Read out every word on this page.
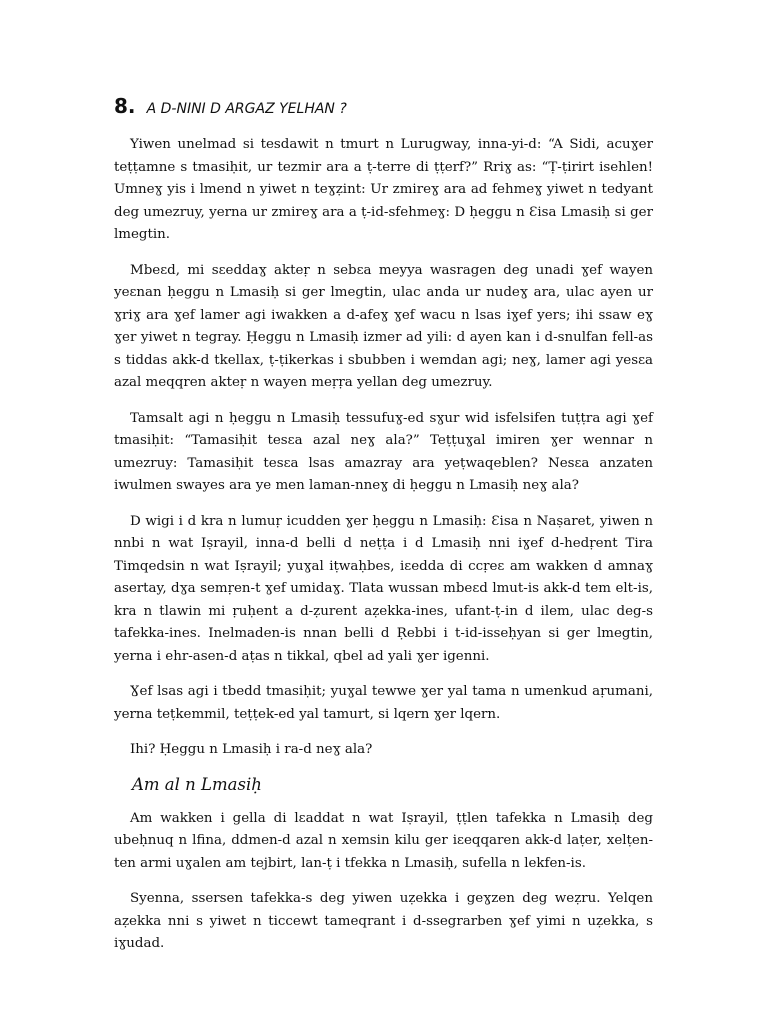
8. A D-NINI D ARGAZ YELHAN ?

Yiwen unelmad si tesdawit n tmurt n Lurugway, inna-yi-d: “A Sidi, acuɣer teṭṭamne s tmasiḥit, ur tezmir ara a ṭ-terre di ṭṭerf?” Rriɣ as: “Ṭ-ṭirirt isehlen! Umneɣ yis i lmend n yiwet n teɣẓint: Ur zmireɣ ara ad fehmeɣ yiwet n tedyant deg umezruy, yerna ur zmireɣ ara a ṭ-id-sfehmeɣ: D ḥeggu n Ɛisa Lmasiḥ si ger lmegtin.

Mbeɛd, mi sɛeddaɣ akteṛ n sebɛa meyya wasragen deg unadi ɣef wayen yeɛnan ḥeggu n Lmasiḥ si ger lmegtin, ulac anda ur nudeɣ ara, ulac ayen ur ɣriɣ ara ɣef lamer agi iwakken a d-afeɣ ɣef wacu n lsas iɣef yers; ihi ssaw eɣ ɣer yiwet n tegray. Ḥeggu n Lmasiḥ izmer ad yili: d ayen kan i d-snulfan fell-as s tiddas akk-d tkellax, ṭ-ṭikerkas i sbubben i wemdan agi; neɣ, lamer agi yesɛa azal meqqren akteṛ n wayen meṛṛa yellan deg umezruy.

Tamsalt agi n ḥeggu n Lmasiḥ tessufuɣ-ed sɣur wid isfelsifen tuṭṭra agi ɣef tmasiḥit: “Tamasiḥit tesɛa azal neɣ ala?” Teṭṭuɣal imiren ɣer wennar n umezruy: Tamasiḥit tesɛa lsas amazray ara yeṭwaqeblen? Nesɛa anzaten iwulmen swayes ara ye men laman-nneɣ di ḥeggu n Lmasiḥ neɣ ala?

D wigi i d kra n lumuṛ icudden ɣer ḥeggu n Lmasiḥ: Ɛisa n Naṣaret, yiwen n nnbi n wat Iṣrayil, inna-d belli d neṭṭa i d Lmasiḥ nni iɣef d-hedṛent Tira Timqedsin n wat Iṣrayil; yuɣal iṭwaḥbes, iɛedda di ccṛeɛ am wakken d amnaɣ asertay, dɣa semṛen-t ɣef umidaɣ. Tlata wussan mbeɛd lmut-is akk-d tem elt-is, kra n tlawin mi ṛuḥent a d-ẓurent aẓekka-ines, ufant-ṭ-in d ilem, ulac deg-s tafekka-ines. Inelmaden-is nnan belli d Ṛebbi i t-id-isseḥyan si ger lmegtin, yerna i ehr-asen-d aṭas n tikkal, qbel ad yali ɣer igenni.

Ɣef lsas agi i tbedd tmasiḥit; yuɣal tewwe ɣer yal tama n umenkud aṛumani, yerna teṭkemmil, teṭṭek-ed yal tamurt, si lqern ɣer lqern.

Ihi? Ḥeggu n Lmasiḥ i ra-d neɣ ala?

Am al n Lmasiḥ

Am wakken i gella di lɛaddat n wat Iṣrayil, ṭṭlen tafekka n Lmasiḥ deg ubeḥnuq n lfina, ddmen-d azal n xemsin kilu ger iɛeqqaren akk-d laṭer, xelṭen-ten armi uɣalen am tejbirt, lan-ṭ i tfekka n Lmasiḥ, sufella n lekfen-is.

Syenna, ssersen tafekka-s deg yiwen uẓekka i geɣzen deg weẓru. Yelqen aẓekka nni s yiwet n ticcewt tameqrant i d-ssegrarben ɣef yimi n uẓekka, s iɣudad.
